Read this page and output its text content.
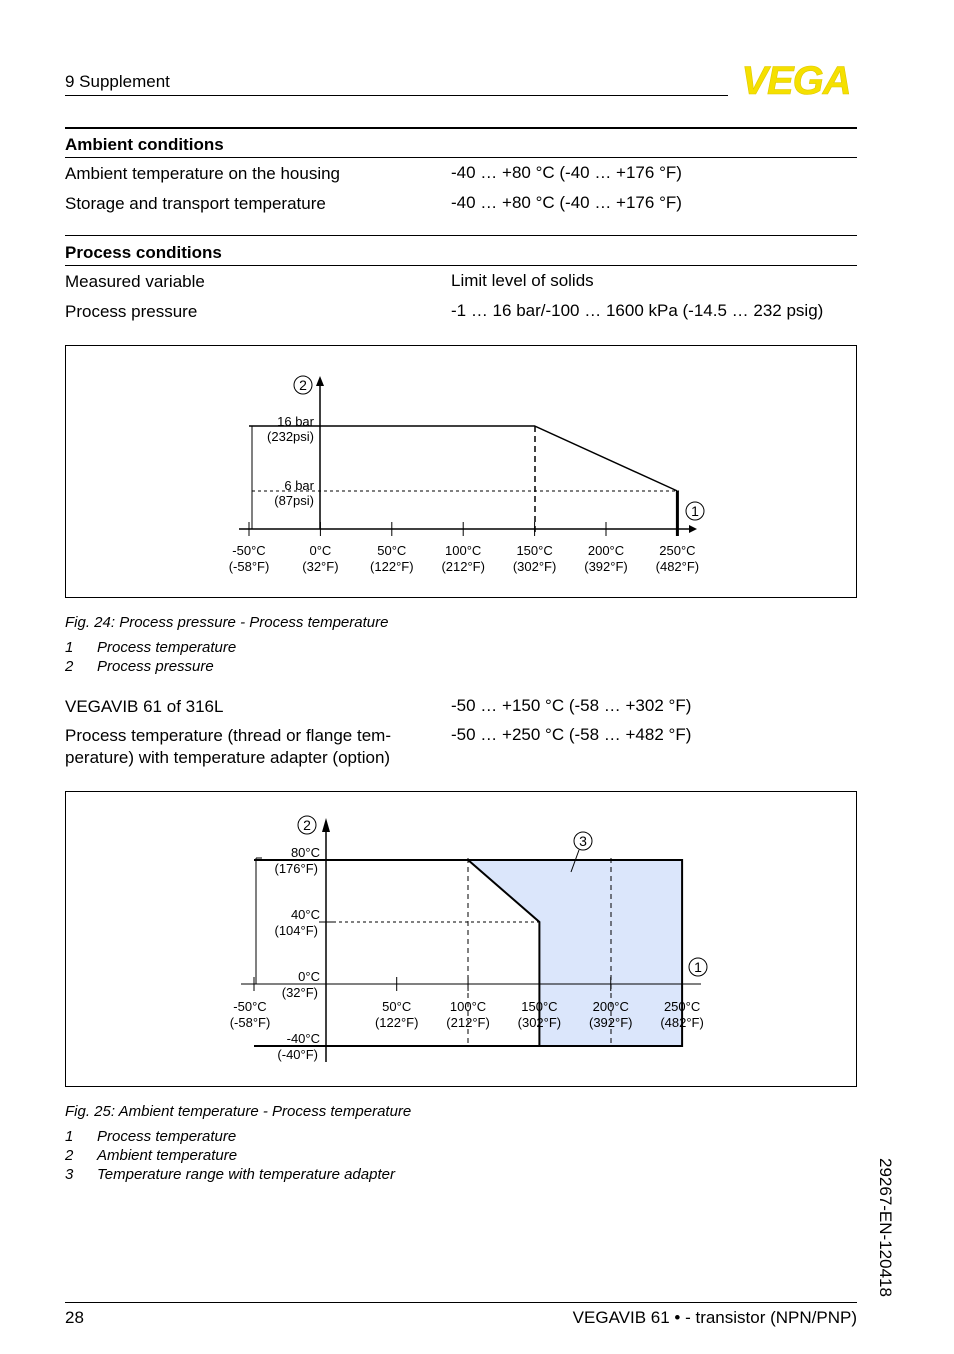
9 Supplement	VEGA
Ambient conditions
Ambient temperature on the housing	-40 … +80 °C (-40 … +176 °F)
Storage and transport temperature	-40 … +80 °C (-40 … +176 °F)
Process conditions
Measured variable	Limit level of solids
Process pressure	-1 … 16 bar/-100 … 1600 kPa (-14.5 … 232 psig)
16 bar
(232psi)
6 bar
(87psi)
-50°C
(-58°F)
0°C
(32°F)
50°C
(122°F)
100°C
(212°F)
150°C
(302°F)
200°C
(392°F)
250°C
(482°F)
2
1
Fig. 24: Process pressure - Process temperature
1 Process temperature
2 Process pressure
VEGAVIB 61 of 316L	-50 … +150 °C (-58 … +302 °F)
Process temperature (thread or flange tem-
perature) with temperature adapter (option)
-50 … +250 °C (-58 … +482 °F)
80°C
(176°F)
40°C
(104°F)
0°C
(32°F)
-40°C
(-40°F)
-50°C
(-58°F)
50°C
(122°F)
100°C
(212°F)
150°C
(302°F)
200°C
(392°F)
250°C
(482°F)
2
1
3
Fig. 25: Ambient temperature - Process temperature
1 Process temperature
2 Ambient temperature
3 Temperature range with temperature adapter	29267-EN-120418
28	VEGAVIB 61 • - transistor (NPN/PNP)
